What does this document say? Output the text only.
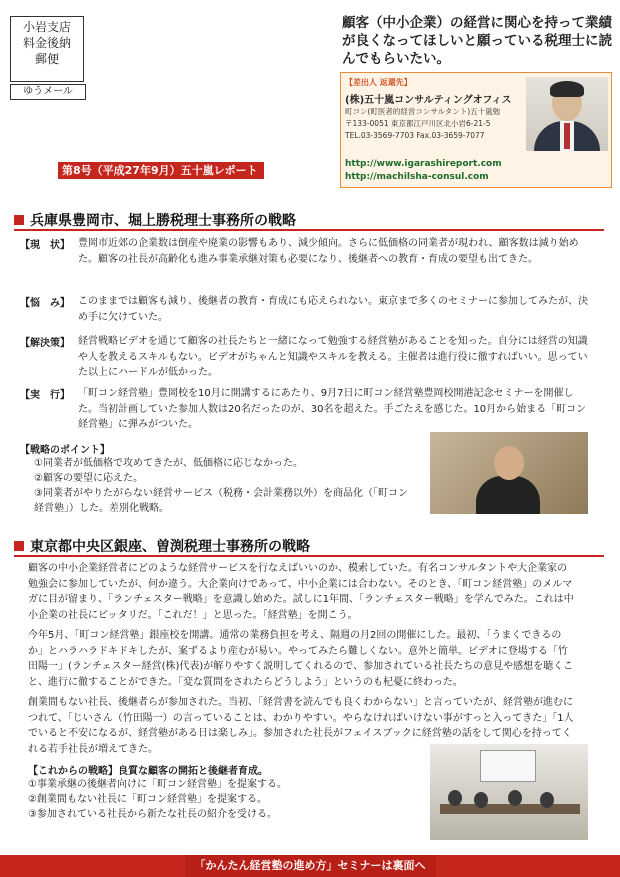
小岩支店
料金後納
郵便
ゆうメール
顧客（中小企業）の経営に関心を持って業績が良くなってほしいと願っている税理士に読んでもらいたい。
【差出人 返還先】
(株)五十嵐コンサルティングオフィス
町コン(町医者的経営コンサルタント)五十嵐勉
〒133-0051 東京都江戸川区北小岩6-21-5
TEL.03-3569-7703 Fax.03-3659-7077
http://www.igarashireport.com
http://machilsha-consul.com
第8号（平成27年9月）五十嵐レポート
兵庫県豊岡市、堀上勝税理士事務所の戦略
【現　状】 豊岡市近郊の企業数は倒産や廃業の影響もあり、減少傾向。さらに低価格の同業者が現われ、顧客数は減り始めた。顧客の社長が高齢化も進み事業承継対策も必要になり、後継者への教育・育成の要望も出てきた。
【悩　み】 このままでは顧客も減り、後継者の教育・育成にも応えられない。東京まで多くのセミナーに参加してみたが、決め手に欠けていた。
【解決策】 経営戦略ビデオを通じて顧客の社長たちと一緒になって勉強する経営塾があることを知った。自分には経営の知識や人を教えるスキルもない。ビデオがちゃんと知識やスキルを教える。主催者は進行役に徹すればいい。思っていた以上にハードルが低かった。
【実　行】 「町コン経営塾」豊岡校を10月に開講するにあたり、9月7日に町コン経営塾豊岡校開港記念セミナーを開催した。当初計画していた参加人数は20名だったのが、30名を超えた。手ごたえを感じた。10月から始まる「町コン経営塾」に弾みがついた。
【戦略のポイント】
①同業者が低価格で攻めてきたが、低価格に応じなかった。
②顧客の要望に応えた。
③同業者がやりたがらない経営サービス（税務・会計業務以外）を商品化（「町コン経営塾」）した。差別化戦略。
東京都中央区銀座、曽渕税理士事務所の戦略
顧客の中小企業経営者にどのような経営サービスを行なえばいいのか、模索していた。有名コンサルタントや大企業家の勉強会に参加していたが、何か違う。大企業向けであって、中小企業には合わない。そのとき、「町コン経営塾」のメルマガに目が留まり、「ランチェスター戦略」を意識し始めた。試しに1年間、「ランチェスター戦略」を学んでみた。これは中小企業の社長にピッタリだ。「これだ！」と思った。「経営塾」を開こう。
今年5月、「町コン経営塾」銀座校を開講。通常の業務負担を考え、隔週の月2回の開催にした。最初、「うまくできるのか」とハラハラドキドキしたが、案ずるより産むが易い。やってみたら難しくない。意外と簡単。ビデオに登場する「竹田陽一」(ランチェスター経営(株)代表)が解りやすく説明してくれるので、参加されている社長たちの意見や感想を聴くこと、進行に徹することができた。「変な質問をされたらどうしよう」というのも杞憂に終わった。
創業間もない社長、後継者らが参加された。当初、「経営書を読んでも良くわからない」と言っていたが、経営塾が進むにつれて、「じいさん（竹田陽一）の言っていることは、わかりやすい。やらなければいけない事がすっと入ってきた」「1人でいると不安になるが、経営塾がある日は楽しみ」。参加された社長がフェイスブックに経営塾の話をして関心を持ってくれる若手社長が増えてきた。
【これからの戦略】良質な顧客の開拓と後継者育成。
①事業承継の後継者向けに「町コン経営塾」を提案する。
②創業間もない社長に「町コン経営塾」を提案する。
③参加されている社長から新たな社長の紹介を受ける。
「かんたん経営塾の進め方」セミナーは裏面へ
